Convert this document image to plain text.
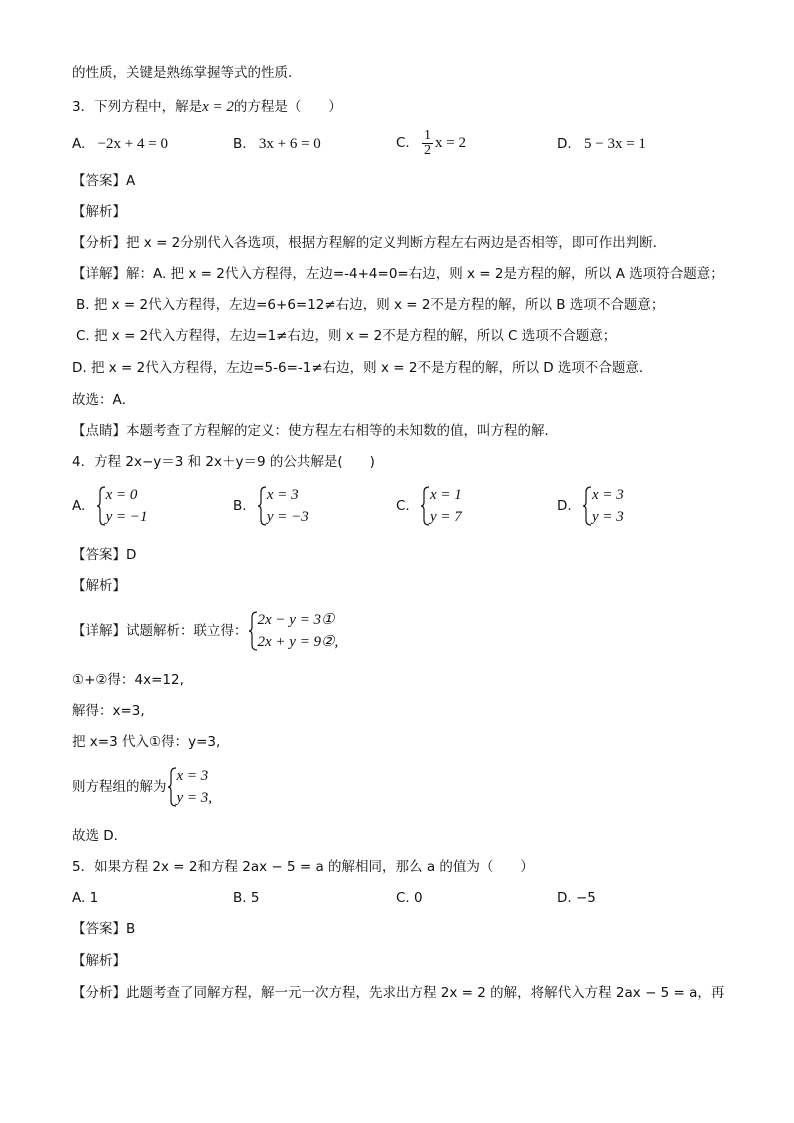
的性质，关键是熟练掌握等式的性质．
3．下列方程中，解是x = 2的方程是（　　）
A. −2x + 4 = 0	B. 3x + 6 = 0	C. $\frac{1}{2}$ x = 2	D. 5 − 3x = 1
【答案】A
【解析】
【分析】把 x = 2分别代入各选项，根据方程解的定义判断方程左右两边是否相等，即可作出判断．
【详解】解：A. 把 x = 2代入方程得，左边=-4+4=0=右边，则 x = 2是方程的解，所以 A 选项符合题意；
B. 把 x = 2代入方程得，左边=6+6=12≠右边，则 x = 2不是方程的解，所以 B 选项不合题意；
C. 把 x = 2代入方程得，左边=1≠右边，则 x = 2不是方程的解，所以 C 选项不合题意；
D. 把 x = 2代入方程得，左边=5-6=-1≠右边，则 x = 2不是方程的解，所以 D 选项不合题意．
故选：A．
【点睛】本题考查了方程解的定义：使方程左右相等的未知数的值，叫方程的解．
4．方程 2x−y＝3 和 2x＋y＝9 的公共解是(　　)
A.
x = 0
y = −1
B.
x = 3
y = −3
C.
x = 1
y = 7
D.
x = 3
y = 3
【答案】D
【解析】
【详解】试题解析：联立得：
2x − y = 3①
2x + y = 9②,
①+②得：4x=12,
解得：x=3,
把 x=3 代入①得：y=3,
则方程组的解为
x = 3
y = 3,
故选 D.
5．如果方程 2x = 2和方程 2ax − 5 = a 的解相同，那么 a 的值为（　　）
A. 1	B. 5	C. 0	D. −5
【答案】B
【解析】
【分析】此题考查了同解方程，解一元一次方程，先求出方程 2x = 2 的解，将解代入方程 2ax − 5 = a，再
